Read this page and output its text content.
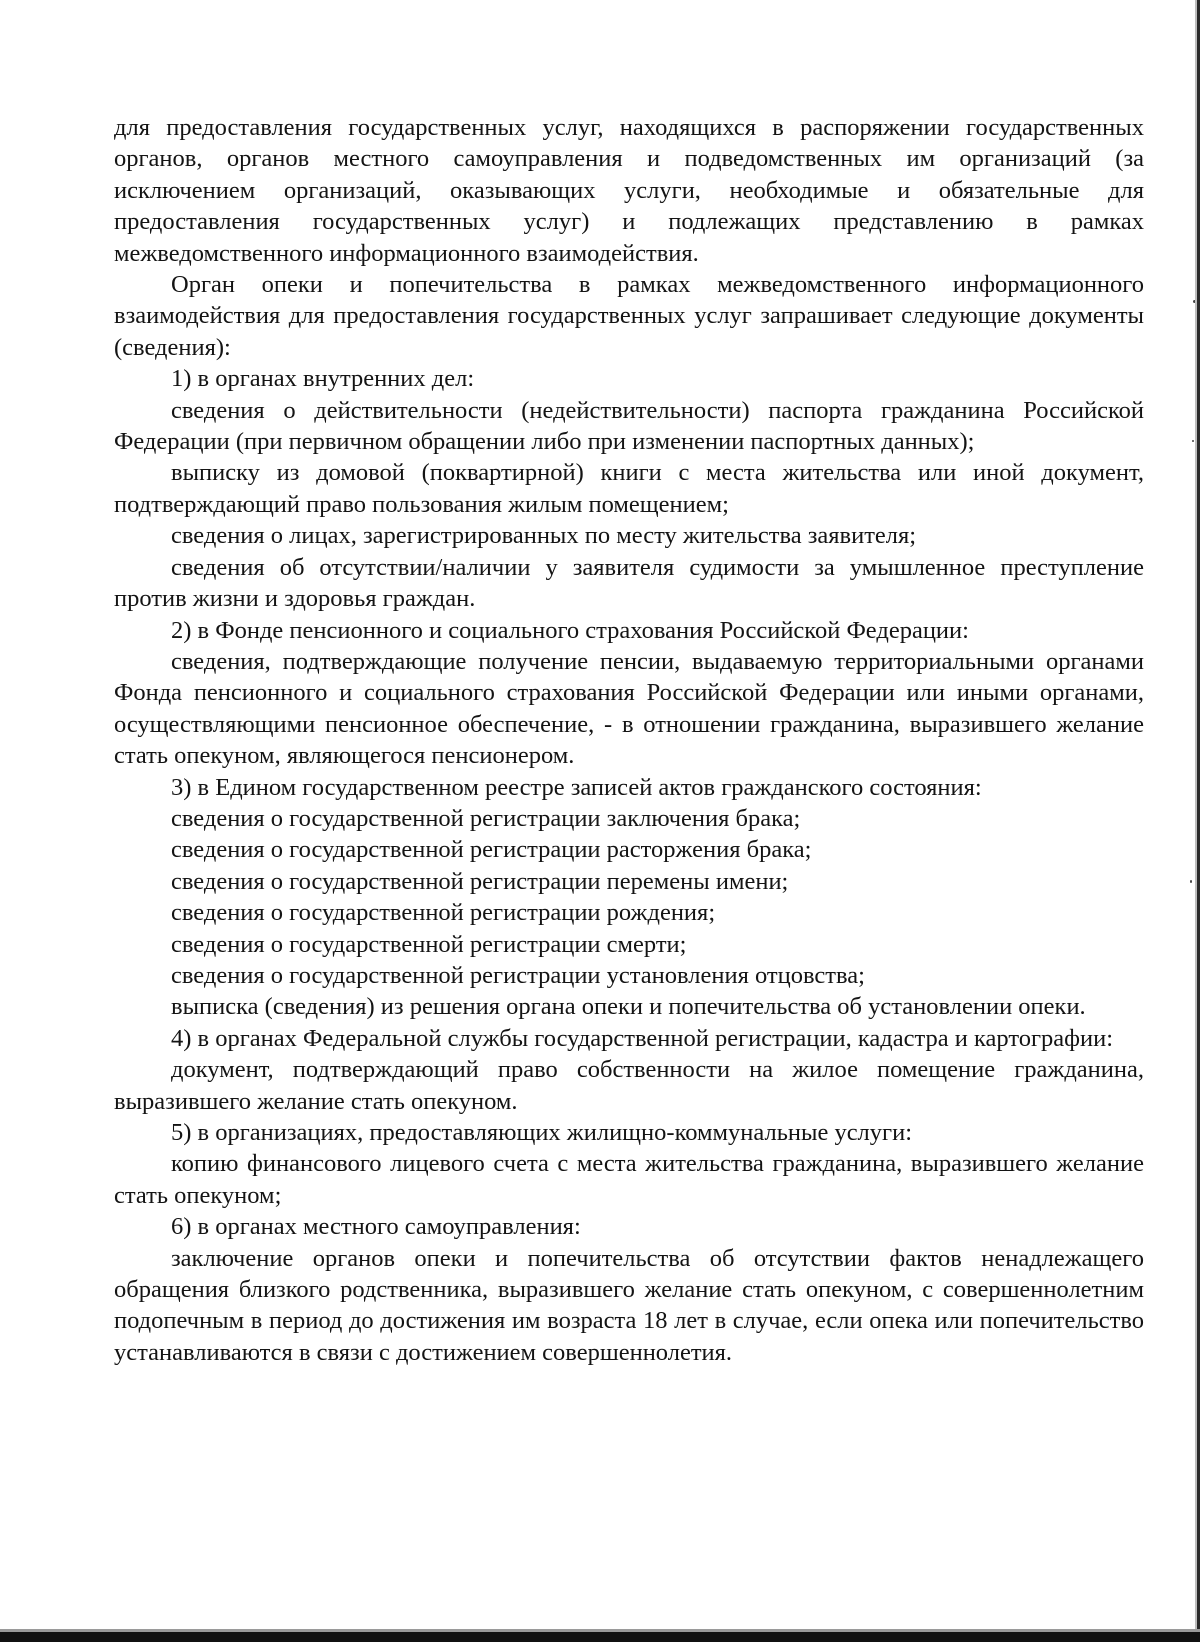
для предоставления государственных услуг, находящихся в распоряжении государственных органов, органов местного самоуправления и подведомственных им организаций (за исключением организаций, оказывающих услуги, необходимые и обязательные для предоставления государственных услуг) и подлежащих представлению в рамках межведомственного информационного взаимодействия.

Орган опеки и попечительства в рамках межведомственного информационного взаимодействия для предоставления государственных услуг запрашивает следующие документы (сведения):

1) в органах внутренних дел:

сведения о действительности (недействительности) паспорта гражданина Российской Федерации (при первичном обращении либо при изменении паспортных данных);

выписку из домовой (поквартирной) книги с места жительства или иной документ, подтверждающий право пользования жилым помещением;

сведения о лицах, зарегистрированных по месту жительства заявителя;

сведения об отсутствии/наличии у заявителя судимости за умышленное преступление против жизни и здоровья граждан.

2) в Фонде пенсионного и социального страхования Российской Федерации:

сведения, подтверждающие получение пенсии, выдаваемую территориальными органами Фонда пенсионного и социального страхования Российской Федерации или иными органами, осуществляющими пенсионное обеспечение, - в отношении гражданина, выразившего желание стать опекуном, являющегося пенсионером.

3) в Едином государственном реестре записей актов гражданского состояния:

сведения о государственной регистрации заключения брака;

сведения о государственной регистрации расторжения брака;

сведения о государственной регистрации перемены имени;

сведения о государственной регистрации рождения;

сведения о государственной регистрации смерти;

сведения о государственной регистрации установления отцовства;

выписка (сведения) из решения органа опеки и попечительства об установлении опеки.

4) в органах Федеральной службы государственной регистрации, кадастра и картографии:

документ, подтверждающий право собственности на жилое помещение гражданина, выразившего желание стать опекуном.

5) в организациях, предоставляющих жилищно-коммунальные услуги:

копию финансового лицевого счета с места жительства гражданина, выразившего желание стать опекуном;

6) в органах местного самоуправления:

заключение органов опеки и попечительства об отсутствии фактов ненадлежащего обращения близкого родственника, выразившего желание стать опекуном, с совершеннолетним подопечным в период до достижения им возраста 18 лет в случае, если опека или попечительство устанавливаются в связи с достижением совершеннолетия.
